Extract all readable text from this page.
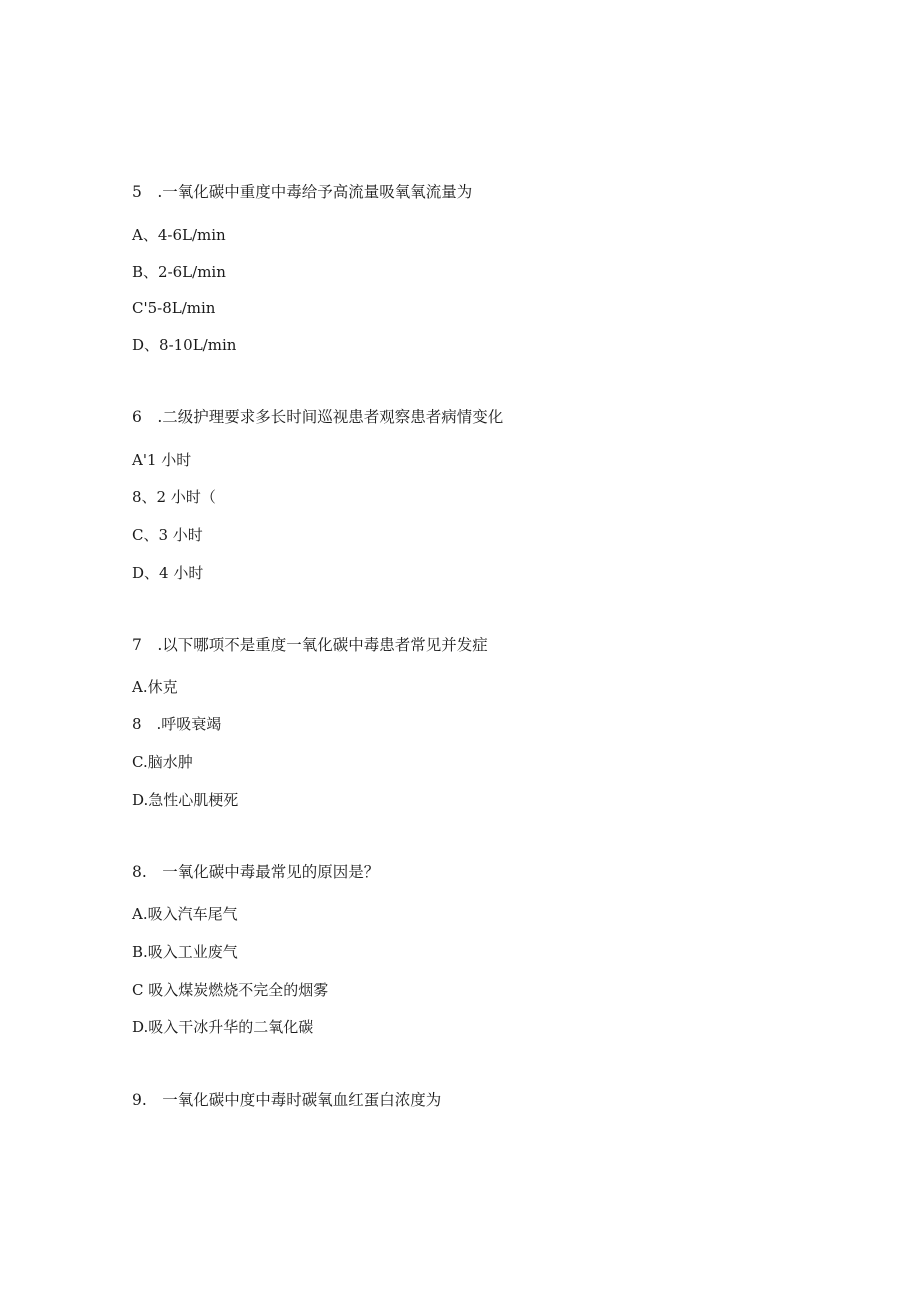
5　.一氧化碳中重度中毒给予高流量吸氧氧流量为

A、4-6L/min

B、2-6L/min

C'5-8L/min

D、8-10L/min

6　.二级护理要求多长时间巡视患者观察患者病情变化

A'1 小时

8、2 小时（

C、3 小时

D、4 小时

7　.以下哪项不是重度一氧化碳中毒患者常见并发症

A.休克

8　.呼吸衰竭

C.脑水肿

D.急性心肌梗死

8.　一氧化碳中毒最常见的原因是？

A.吸入汽车尾气

B.吸入工业废气

C 吸入煤炭燃烧不完全的烟雾

D.吸入干冰升华的二氧化碳

9.　一氧化碳中度中毒时碳氧血红蛋白浓度为
